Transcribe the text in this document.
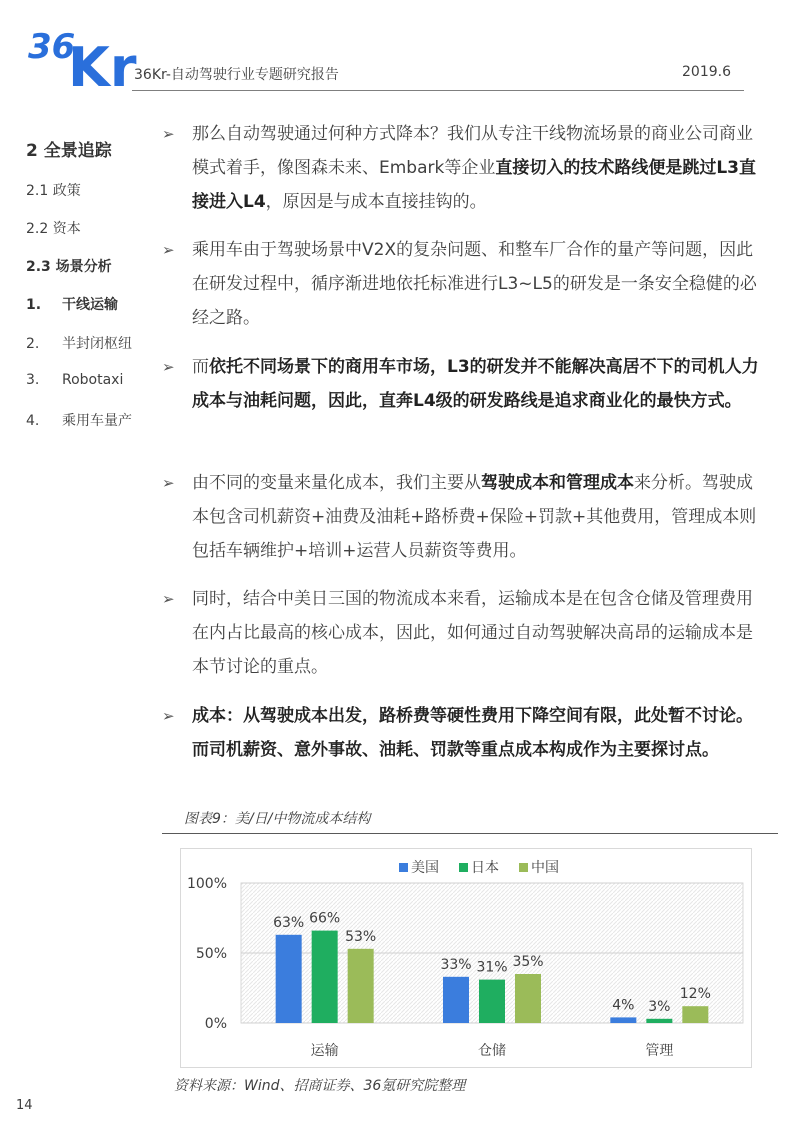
36
Kr
36Kr-自动驾驶行业专题研究报告	2019.6
2 全景追踪
2.1 政策
2.2 资本
2.3 场景分析
1. 干线运输
2. 半封闭枢纽
3. Robotaxi
4. 乘用车量产
➢ 那么自动驾驶通过何种方式降本？我们从专注干线物流场景的商业公司商业模式着手，像图森未来、Embark等企业直接切入的技术路线便是跳过L3直接进入L4，原因是与成本直接挂钩的。
➢ 乘用车由于驾驶场景中V2X的复杂问题、和整车厂合作的量产等问题，因此在研发过程中，循序渐进地依托标准进行L3~L5的研发是一条安全稳健的必经之路。
➢ 而依托不同场景下的商用车市场，L3的研发并不能解决高居不下的司机人力成本与油耗问题，因此，直奔L4级的研发路线是追求商业化的最快方式。
➢ 由不同的变量来量化成本，我们主要从驾驶成本和管理成本来分析。驾驶成本包含司机薪资+油费及油耗+路桥费+保险+罚款+其他费用，管理成本则包括车辆维护+培训+运营人员薪资等费用。
➢ 同时，结合中美日三国的物流成本来看，运输成本是在包含仓储及管理费用在内占比最高的核心成本，因此，如何通过自动驾驶解决高昂的运输成本是本节讨论的重点。
➢ 成本：从驾驶成本出发，路桥费等硬性费用下降空间有限，此处暂不讨论。而司机薪资、意外事故、油耗、罚款等重点成本构成作为主要探讨点。
图表9：美/日/中物流成本结构
0%
50%
100%
63% 66%
53%
33% 31% 35%
4% 3%
12%
运输	仓储	管理
美国 日本 中国
资料来源：Wind、招商证券、36氪研究院整理
14
